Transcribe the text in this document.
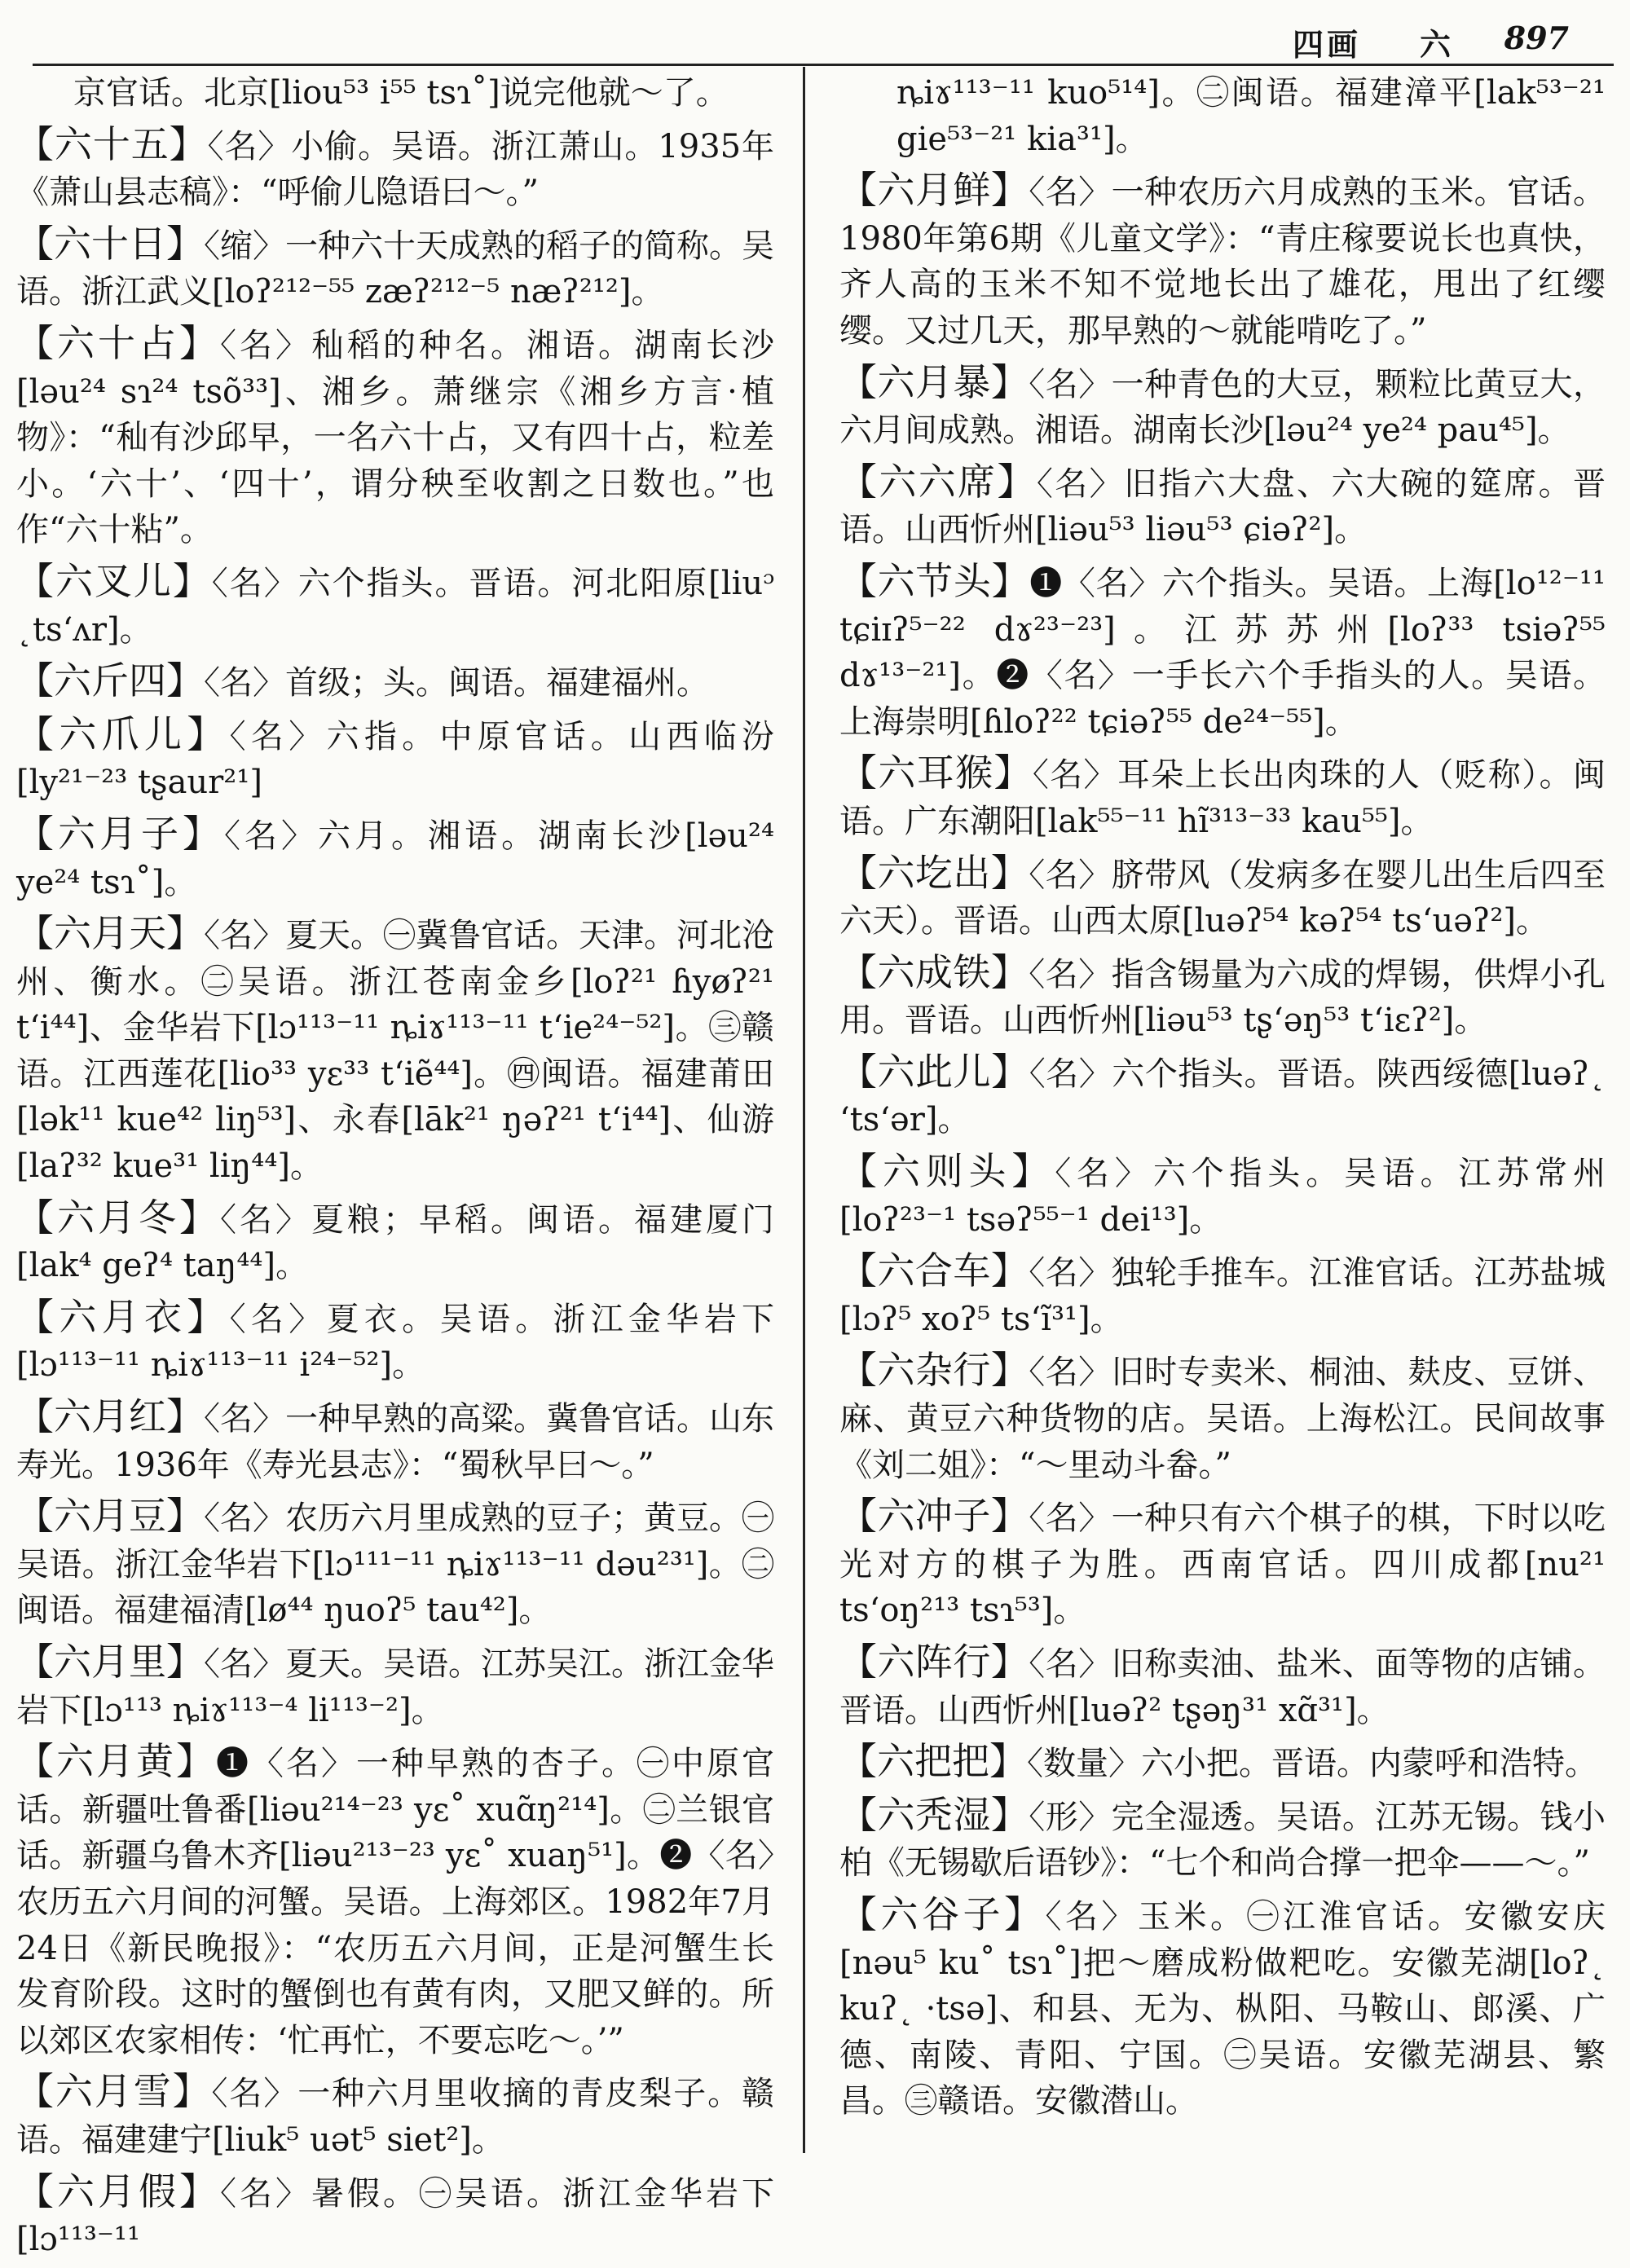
四画 六 897
京官话。北京[liou⁵³ i⁵⁵ tsɿ˚]说完他就～了。
【六十五】〈名〉小偷。吴语。浙江萧山。1935年《萧山县志稿》：“呼偷儿隐语曰～。”
【六十日】〈缩〉一种六十天成熟的稻子的简称。吴语。浙江武义[loʔ²¹²⁻⁵⁵ zæʔ²¹²⁻⁵ næʔ²¹²]。
【六十占】〈名〉秈稻的种名。湘语。湖南长沙[ləu²⁴ sɿ²⁴ tsõ³³]、湘乡。萧继宗《湘乡方言·植物》：“秈有沙邱早，一名六十占，又有四十占，粒差小。‘六十’、‘四十’，谓分秧至收割之日数也。”也作“六十粘”。
【六叉儿】〈名〉六个指头。晋语。河北阳原[liuᵓ ˛tsʻʌr]。
【六斤四】〈名〉首级；头。闽语。福建福州。
【六爪儿】〈名〉六指。中原官话。山西临汾[ly²¹⁻²³ tʂaur²¹]
【六月子】〈名〉六月。湘语。湖南长沙[ləu²⁴ ye²⁴ tsɿ˚]。
【六月天】〈名〉夏天。㊀冀鲁官话。天津。河北沧州、衡水。㊁吴语。浙江苍南金乡[loʔ²¹ ɦyøʔ²¹ tʻi⁴⁴]、金华岩下[lɔ¹¹³⁻¹¹ ȵiɤ¹¹³⁻¹¹ tʻie²⁴⁻⁵²]。㊂赣语。江西莲花[lio³³ yɛ³³ tʻiẽ⁴⁴]。㊃闽语。福建莆田[lək¹¹ kue⁴² liŋ⁵³]、永春[lāk²¹ ŋəʔ²¹ tʻi⁴⁴]、仙游[laʔ³² kue³¹ liŋ⁴⁴]。
【六月冬】〈名〉夏粮；早稻。闽语。福建厦门[lak⁴ geʔ⁴ taŋ⁴⁴]。
【六月衣】〈名〉夏衣。吴语。浙江金华岩下[lɔ¹¹³⁻¹¹ ȵiɤ¹¹³⁻¹¹ i²⁴⁻⁵²]。
【六月红】〈名〉一种早熟的高粱。冀鲁官话。山东寿光。1936年《寿光县志》：“蜀秋早曰～。”
【六月豆】〈名〉农历六月里成熟的豆子；黄豆。㊀吴语。浙江金华岩下[lɔ¹¹¹⁻¹¹ ȵiɤ¹¹³⁻¹¹ dəu²³¹]。㊁闽语。福建福清[lø⁴⁴ ŋuoʔ⁵ tau⁴²]。
【六月里】〈名〉夏天。吴语。江苏吴江。浙江金华岩下[lɔ¹¹³ ȵiɤ¹¹³⁻⁴ li¹¹³⁻²]。
【六月黄】❶〈名〉一种早熟的杏子。㊀中原官话。新疆吐鲁番[liəu²¹⁴⁻²³ yɛ˚ xuɑ̃ŋ²¹⁴]。㊁兰银官话。新疆乌鲁木齐[liəu²¹³⁻²³ yɛ˚ xuaŋ⁵¹]。❷〈名〉农历五六月间的河蟹。吴语。上海郊区。1982年7月24日《新民晚报》：“农历五六月间，正是河蟹生长发育阶段。这时的蟹倒也有黄有肉，又肥又鲜的。所以郊区农家相传：‘忙再忙，不要忘吃～。’”
【六月雪】〈名〉一种六月里收摘的青皮梨子。赣语。福建建宁[liuk⁵ uət⁵ siet²]。
【六月假】〈名〉暑假。㊀吴语。浙江金华岩下[lɔ¹¹³⁻¹¹
ȵiɤ¹¹³⁻¹¹ kuo⁵¹⁴]。㊁闽语。福建漳平[lak⁵³⁻²¹ gie⁵³⁻²¹ kia³¹]。
【六月鲜】〈名〉一种农历六月成熟的玉米。官话。1980年第6期《儿童文学》：“青庄稼要说长也真快，齐人高的玉米不知不觉地长出了雄花，甩出了红缨缨。又过几天，那早熟的～就能啃吃了。”
【六月暴】〈名〉一种青色的大豆，颗粒比黄豆大，六月间成熟。湘语。湖南长沙[ləu²⁴ ye²⁴ pau⁴⁵]。
【六六席】〈名〉旧指六大盘、六大碗的筵席。晋语。山西忻州[liəu⁵³ liəu⁵³ ɕiəʔ²]。
【六节头】❶〈名〉六个指头。吴语。上海[lo¹²⁻¹¹ tɕiɪʔ⁵⁻²² dɤ²³⁻²³]。江苏苏州[loʔ³³ tsiəʔ⁵⁵ dɤ¹³⁻²¹]。❷〈名〉一手长六个手指头的人。吴语。上海崇明[ɦloʔ²² tɕiəʔ⁵⁵ de²⁴⁻⁵⁵]。
【六耳猴】〈名〉耳朵上长出肉珠的人（贬称）。闽语。广东潮阳[lak⁵⁵⁻¹¹ hĩ³¹³⁻³³ kau⁵⁵]。
【六圪出】〈名〉脐带风（发病多在婴儿出生后四至六天）。晋语。山西太原[luəʔ⁵⁴ kəʔ⁵⁴ tsʻuəʔ²]。
【六成铁】〈名〉指含锡量为六成的焊锡，供焊小孔用。晋语。山西忻州[liəu⁵³ tʂʻəŋ⁵³ tʻiɛʔ²]。
【六此儿】〈名〉六个指头。晋语。陕西绥德[luəʔ˛ ʻtsʻər]。
【六则头】〈名〉六个指头。吴语。江苏常州[loʔ²³⁻¹ tsəʔ⁵⁵⁻¹ dei¹³]。
【六合车】〈名〉独轮手推车。江淮官话。江苏盐城[lɔʔ⁵ xoʔ⁵ tsʻĩ³¹]。
【六杂行】〈名〉旧时专卖米、桐油、麸皮、豆饼、麻、黄豆六种货物的店。吴语。上海松江。民间故事《刘二姐》：“～里动斗畚。”
【六冲子】〈名〉一种只有六个棋子的棋，下时以吃光对方的棋子为胜。西南官话。四川成都[nu²¹ tsʻoŋ²¹³ tsɿ⁵³]。
【六阵行】〈名〉旧称卖油、盐米、面等物的店铺。晋语。山西忻州[luəʔ² tʂəŋ³¹ xɑ̃³¹]。
【六把把】〈数量〉六小把。晋语。内蒙呼和浩特。
【六秃湿】〈形〉完全湿透。吴语。江苏无锡。钱小柏《无锡歇后语钞》：“七个和尚合撑一把伞——～。”
【六谷子】〈名〉玉米。㊀江淮官话。安徽安庆[nəu⁵ ku˚ tsɿ˚]把～磨成粉做粑吃。安徽芜湖[loʔ˛ kuʔ˛ ·tsə]、和县、无为、枞阳、马鞍山、郎溪、广德、南陵、青阳、宁国。㊁吴语。安徽芜湖县、繁昌。㊂赣语。安徽潜山。
